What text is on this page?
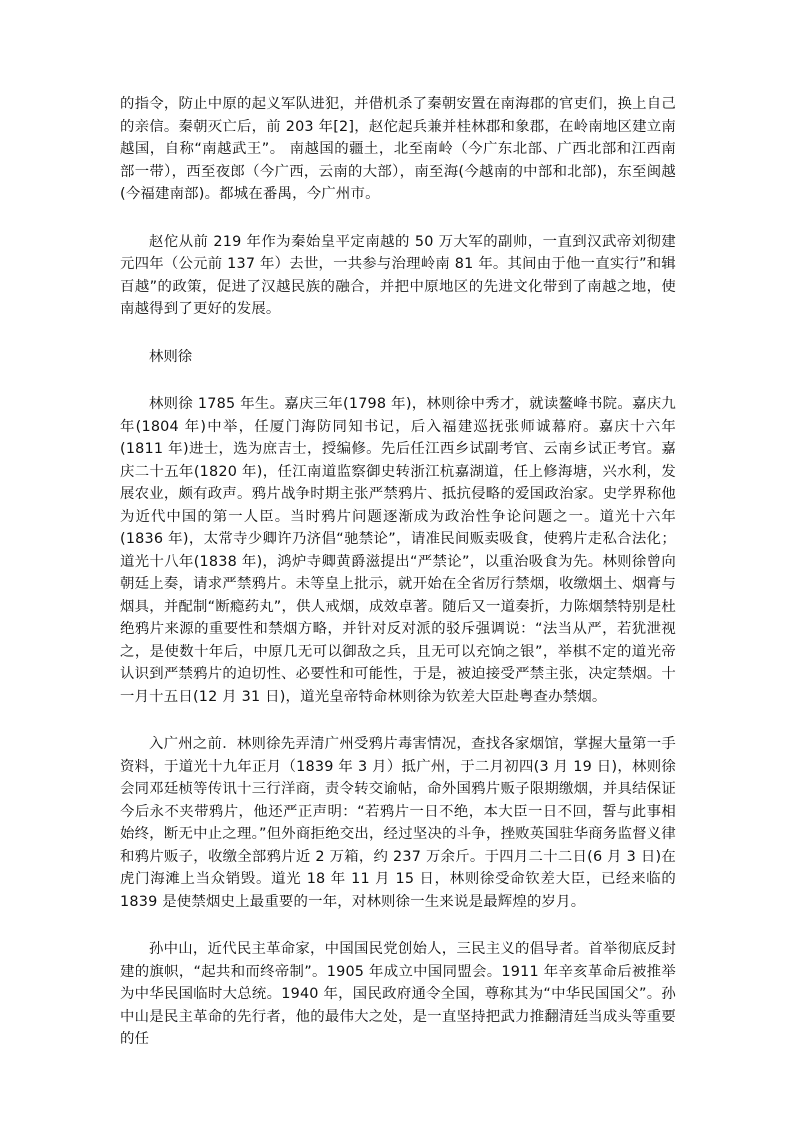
的指令，防止中原的起义军队进犯，并借机杀了秦朝安置在南海郡的官吏们，换上自己的亲信。秦朝灭亡后，前 203 年[2]，赵佗起兵兼并桂林郡和象郡，在岭南地区建立南越国，自称“南越武王”。 南越国的疆土，北至南岭（今广东北部、广西北部和江西南部一带），西至夜郎（今广西，云南的大部），南至海(今越南的中部和北部)，东至闽越(今福建南部)。都城在番禺，今广州市。

赵佗从前 219 年作为秦始皇平定南越的 50 万大军的副帅，一直到汉武帝刘彻建元四年（公元前 137 年）去世，一共参与治理岭南 81 年。其间由于他一直实行”和辑百越”的政策，促进了汉越民族的融合，并把中原地区的先进文化带到了南越之地，使南越得到了更好的发展。

林则徐

林则徐 1785 年生。嘉庆三年(1798 年)，林则徐中秀才，就读鳌峰书院。嘉庆九年(1804 年)中举，任厦门海防同知书记，后入福建巡抚张师诚幕府。嘉庆十六年(1811 年)进士，选为庶吉士，授编修。先后任江西乡试副考官、云南乡试正考官。嘉庆二十五年(1820 年)，任江南道监察御史转浙江杭嘉湖道，任上修海塘，兴水利，发展农业，颇有政声。鸦片战争时期主张严禁鸦片、抵抗侵略的爱国政治家。史学界称他为近代中国的第一人臣。当时鸦片问题逐渐成为政治性争论问题之一。道光十六年(1836 年)，太常寺少卿许乃济倡“驰禁论”，请准民间贩卖吸食，使鸦片走私合法化；道光十八年(1838 年)，鸿炉寺卿黄爵滋提出“严禁论”，以重治吸食为先。林则徐曾向朝廷上奏，请求严禁鸦片。未等皇上批示，就开始在全省厉行禁烟，收缴烟土、烟膏与烟具，并配制“断瘾药丸”，供人戒烟，成效卓著。随后又一道奏折，力陈烟禁特别是杜绝鸦片来源的重要性和禁烟方略，并针对反对派的驳斥强调说：“法当从严，若犹泄视之，是使数十年后，中原几无可以御敌之兵，且无可以充饷之银”，举棋不定的道光帝认识到严禁鸦片的迫切性、必要性和可能性，于是，被迫接受严禁主张，决定禁烟。十一月十五日(12 月 31 日)，道光皇帝特命林则徐为钦差大臣赴粤查办禁烟。

入广州之前．林则徐先弄清广州受鸦片毒害情况，查找各家烟馆，掌握大量第一手资料，于道光十九年正月（1839 年 3 月）抵广州，于二月初四(3 月 19 日)，林则徐会同邓廷桢等传讯十三行洋商，责令转交谕帖，命外国鸦片贩子限期缴烟，并具结保证今后永不夹带鸦片，他还严正声明：“若鸦片一日不绝，本大臣一日不回，誓与此事相始终，断无中止之理。”但外商拒绝交出，经过坚决的斗争，挫败英国驻华商务监督义律和鸦片贩子，收缴全部鸦片近 2 万箱，约 237 万余斤。于四月二十二日(6 月 3 日)在虎门海滩上当众销毁。道光 18 年 11 月 15 日，林则徐受命钦差大臣，已经来临的 1839 是使禁烟史上最重要的一年，对林则徐一生来说是最辉煌的岁月。

孙中山，近代民主革命家，中国国民党创始人，三民主义的倡导者。首举彻底反封建的旗帜，“起共和而终帝制”。1905 年成立中国同盟会。1911 年辛亥革命后被推举为中华民国临时大总统。1940 年，国民政府通令全国，尊称其为“中华民国国父”。孙中山是民主革命的先行者，他的最伟大之处，是一直坚持把武力推翻清廷当成头等重要的任
